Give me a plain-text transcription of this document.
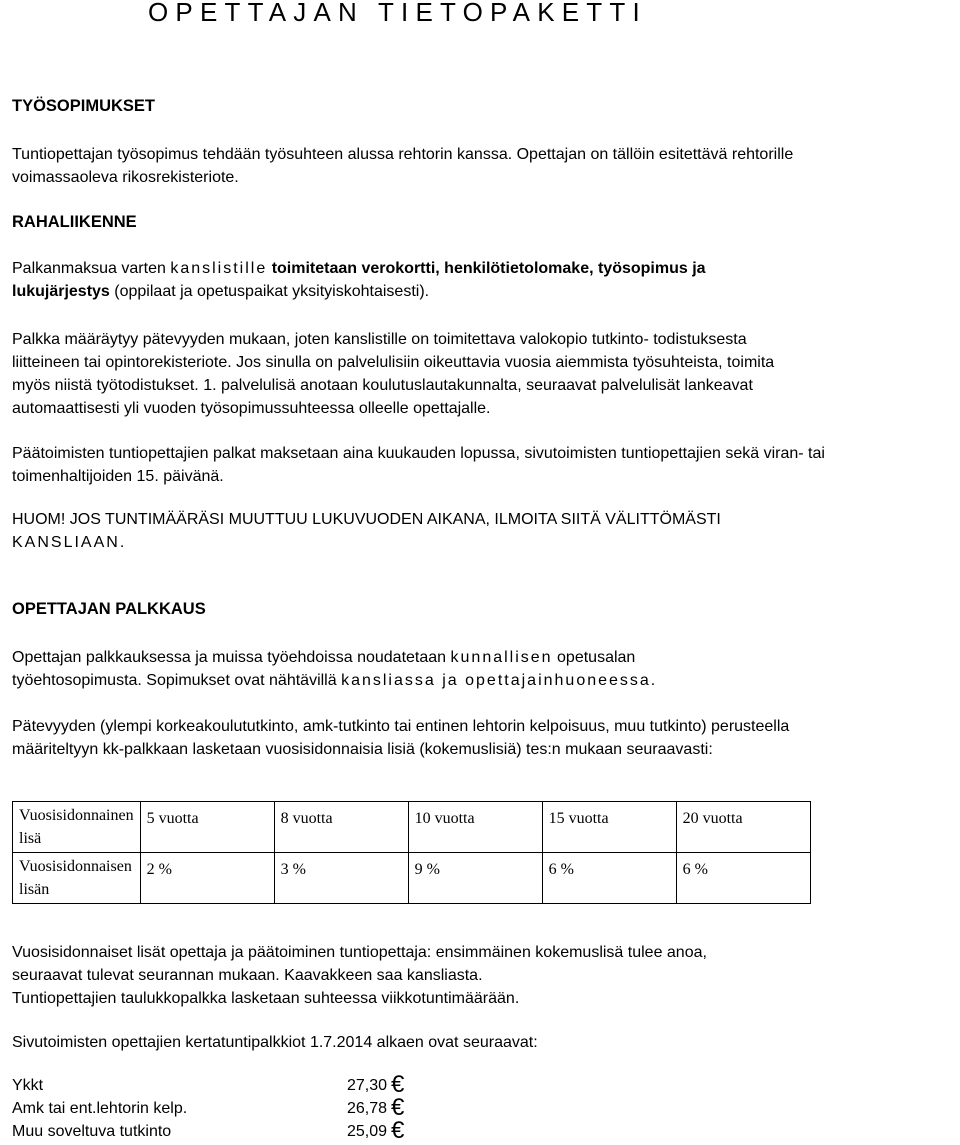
OPETTAJAN TIETOPAKETTI
TYÖSOPIMUKSET
Tuntiopettajan työsopimus tehdään työsuhteen alussa rehtorin kanssa. Opettajan on tällöin esitettävä rehtorille
voimassaoleva rikosrekisteriote.
RAHALIIKENNE
Palkanmaksua varten kanslistille toimitetaan verokortti, henkilötietolomake, työsopimus ja
lukujärjestys (oppilaat ja opetuspaikat yksityiskohtaisesti).
Palkka määräytyy pätevyyden mukaan, joten kanslistille on toimitettava valokopio tutkinto- todistuksesta
liitteineen tai opintorekisteriote. Jos sinulla on palvelulisiin oikeuttavia vuosia aiemmista työsuhteista, toimita
myös niistä työtodistukset. 1. palvelulisä anotaan koulutuslautakunnalta, seuraavat palvelulisät lankeavat
automaattisesti yli vuoden työsopimussuhteessa olleelle opettajalle.
Päätoimisten tuntiopettajien palkat maksetaan aina kuukauden lopussa, sivutoimisten tuntiopettajien sekä viran- tai
toimenhaltijoiden 15. päivänä.
HUOM! JOS TUNTIMÄÄRÄSI MUUTTUU LUKUVUODEN AIKANA, ILMOITA SIITÄ VÄLITTÖMÄSTI
KANSLIAAN.
OPETTAJAN PALKKAUS
Opettajan palkkauksessa ja muissa työehdoissa noudatetaan kunnallisen opetusalan
työehtosopimusta. Sopimukset ovat nähtävillä kansliassa ja opettajainhuoneessa.
Pätevyyden (ylempi korkeakoulututkinto, amk-tutkinto tai entinen lehtorin kelpoisuus, muu tutkinto) perusteella
määriteltyyn kk-palkkaan lasketaan vuosisidonnaisia lisiä (kokemuslisiä) tes:n mukaan seuraavasti:
Vuosisidonnainen lisä	5 vuotta	8 vuotta	10 vuotta	15 vuotta	20 vuotta
Vuosisidonnaisen lisän	2 %	3 %	9 %	6 %	6 %
Vuosisidonnaiset lisät opettaja ja päätoiminen tuntiopettaja: ensimmäinen kokemuslisä tulee anoa,
seuraavat tulevat seurannan mukaan. Kaavakkeen saa kansliasta.
Tuntiopettajien taulukkopalkka lasketaan suhteessa viikkotuntimäärään.
Sivutoimisten opettajien kertatuntipalkkiot 1.7.2014 alkaen ovat seuraavat:
Ykkt	27,30 €
Amk tai ent.lehtorin kelp.	26,78 €
Muu soveltuva tutkinto	25,09 €
